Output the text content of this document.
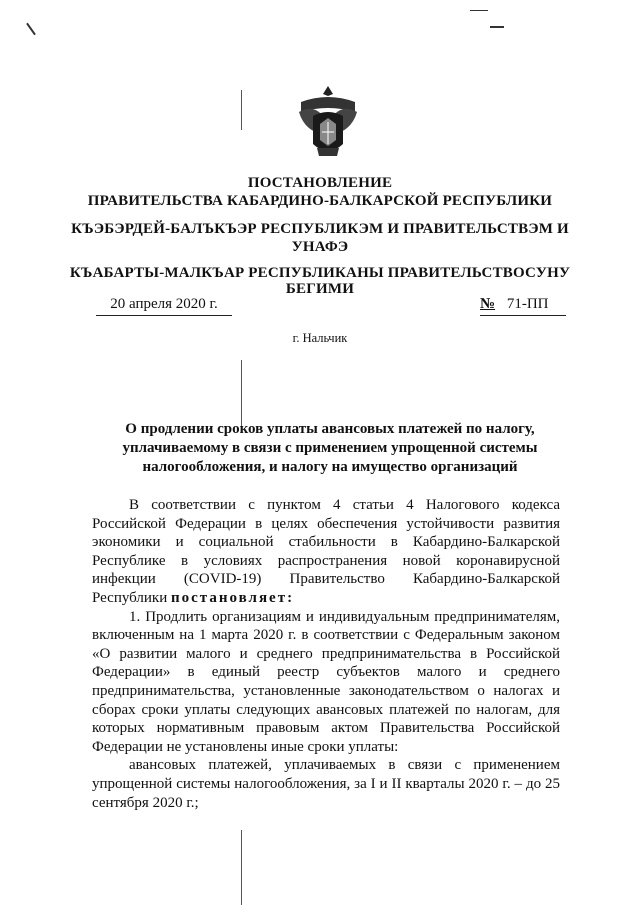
ПОСТАНОВЛЕНИЕ
ПРАВИТЕЛЬСТВА КАБАРДИНО-БАЛКАРСКОЙ РЕСПУБЛИКИ
КЪЭБЭРДЕЙ-БАЛЪКЪЭР РЕСПУБЛИКЭМ И ПРАВИТЕЛЬСТВЭМ И
УНАФЭ
КЪАБАРТЫ-МАЛКЪАР РЕСПУБЛИКАНЫ ПРАВИТЕЛЬСТВОСУНУ
БЕГИМИ
20 апреля 2020 г.	№ 71-ПП
г. Нальчик
О продлении сроков уплаты авансовых платежей по налогу,
уплачиваемому в связи с применением упрощенной системы
налогообложения, и налогу на имущество организаций

В соответствии с пунктом 4 статьи 4 Налогового кодекса Российской Федерации в целях обеспечения устойчивости развития экономики и социальной стабильности в Кабардино-Балкарской Республике в условиях распространения новой коронавирусной инфекции (COVID-19) Правительство Кабардино-Балкарской Республики постановляет:

1. Продлить организациям и индивидуальным предпринимателям, включенным на 1 марта 2020 г. в соответствии с Федеральным законом «О развитии малого и среднего предпринимательства в Российской Федерации» в единый реестр субъектов малого и среднего предпринимательства, установленные законодательством о налогах и сборах сроки уплаты следующих авансовых платежей по налогам, для которых нормативным правовым актом Правительства Российской Федерации не установлены иные сроки уплаты:

авансовых платежей, уплачиваемых в связи с применением упрощенной системы налогообложения, за I и II кварталы 2020 г. – до 25 сентября 2020 г.;
